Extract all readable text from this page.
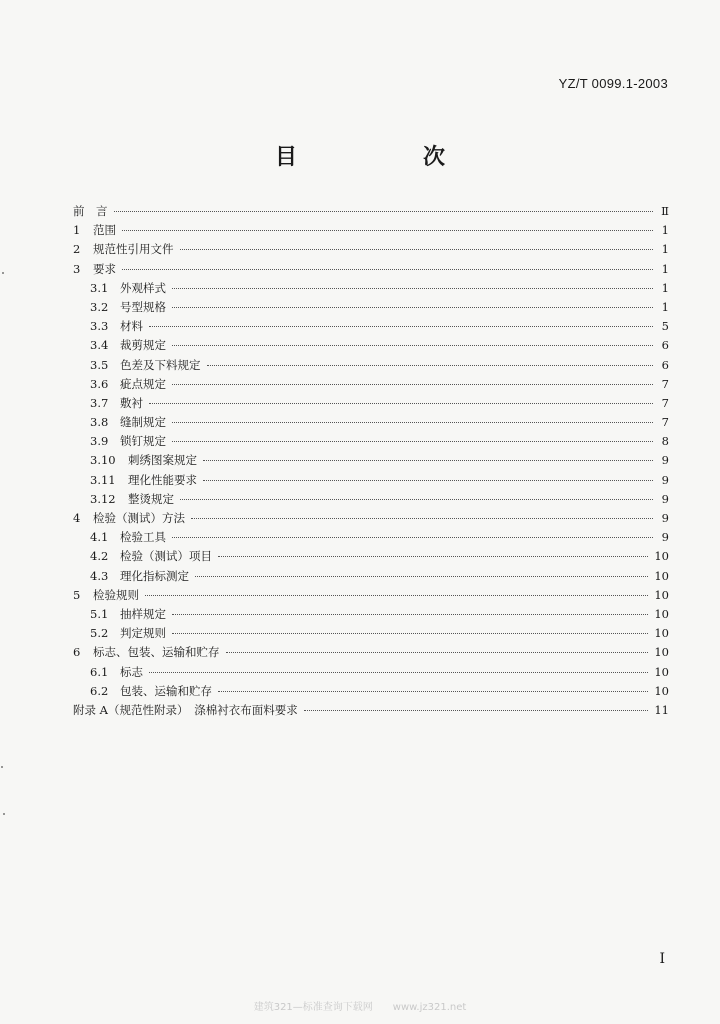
YZ/T 0099.1-2003
目　次
前　言	Ⅱ
1	范围	1
2	规范性引用文件	1
3	要求	1
3.1	外观样式	1
3.2	号型规格	1
3.3	材料	5
3.4	裁剪规定	6
3.5	色差及下料规定	6
3.6	疵点规定	7
3.7	敷衬	7
3.8	缝制规定	7
3.9	锁钉规定	8
3.10	刺绣图案规定	9
3.11	理化性能要求	9
3.12	整烫规定	9
4	检验（测试）方法	9
4.1	检验工具	9
4.2	检验（测试）项目	10
4.3	理化指标测定	10
5	检验规则	10
5.1	抽样规定	10
5.2	判定规则	10
6	标志、包装、运输和贮存	10
6.1	标志	10
6.2	包装、运输和贮存	10
附录 A（规范性附录）　涤棉衬衣布面料要求	11
I
建筑321—标准查询下载网　　www.jz321.net
